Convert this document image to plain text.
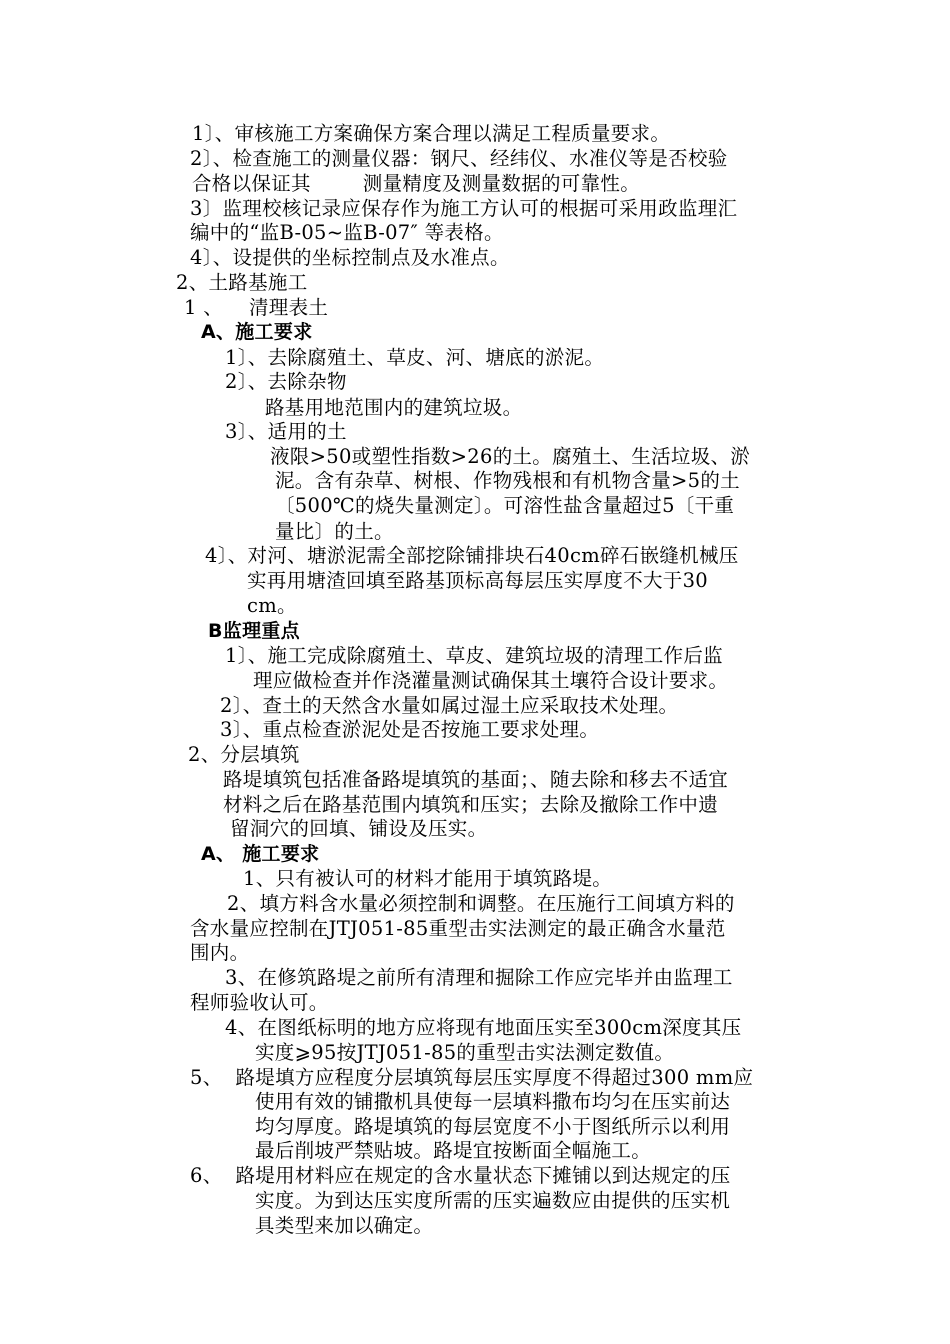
1〕、审核施工方案确保方案合理以满足工程质量要求。
2〕、检查施工的测量仪器：钢尺、经纬仪、水准仪等是否校验
合格以保证其        测量精度及测量数据的可靠性。
3〕监理校核记录应保存作为施工方认可的根据可采用政监理汇
编中的“监B-05~监B-07″ 等表格。
4〕、设提供的坐标控制点及水准点。
2、土路基施工
1 、    清理表土
A、施工要求
1〕、去除腐殖土、草皮、河、塘底的淤泥。
2〕、去除杂物
路基用地范围内的建筑垃圾。
3〕、适用的土
液限>50或塑性指数>26的土。腐殖土、生活垃圾、淤
泥。含有杂草、树根、作物残根和有机物含量>5的土
〔500℃的烧失量测定〕。可溶性盐含量超过5〔干重
量比〕的土。
4〕、对河、塘淤泥需全部挖除铺排块石40cm碎石嵌缝机械压
实再用塘渣回填至路基顶标高每层压实厚度不大于30
cm。
B监理重点
1〕、施工完成除腐殖土、草皮、建筑垃圾的清理工作后监
理应做检查并作浇灌量测试确保其土壤符合设计要求。
2〕、查土的天然含水量如属过湿土应采取技术处理。
3〕、重点检查淤泥处是否按施工要求处理。
2、分层填筑
路堤填筑包括准备路堤填筑的基面；、随去除和移去不适宜
材料之后在路基范围内填筑和压实；去除及撤除工作中遗
留洞穴的回填、铺设及压实。
A、 施工要求
1、只有被认可的材料才能用于填筑路堤。
2、填方料含水量必须控制和调整。在压施行工间填方料的
含水量应控制在JTJ051-85重型击实法测定的最正确含水量范
围内。
3、在修筑路堤之前所有清理和掘除工作应完毕并由监理工
程师验收认可。
4、在图纸标明的地方应将现有地面压实至300cm深度其压
实度⩾95按JTJ051-85的重型击实法测定数值。
5、  路堤填方应程度分层填筑每层压实厚度不得超过300 mm应
使用有效的铺撒机具使每一层填料撒布均匀在压实前达
均匀厚度。路堤填筑的每层宽度不小于图纸所示以利用
最后削坡严禁贴坡。路堤宜按断面全幅施工。
6、  路堤用材料应在规定的含水量状态下摊铺以到达规定的压
实度。为到达压实度所需的压实遍数应由提供的压实机
具类型来加以确定。
